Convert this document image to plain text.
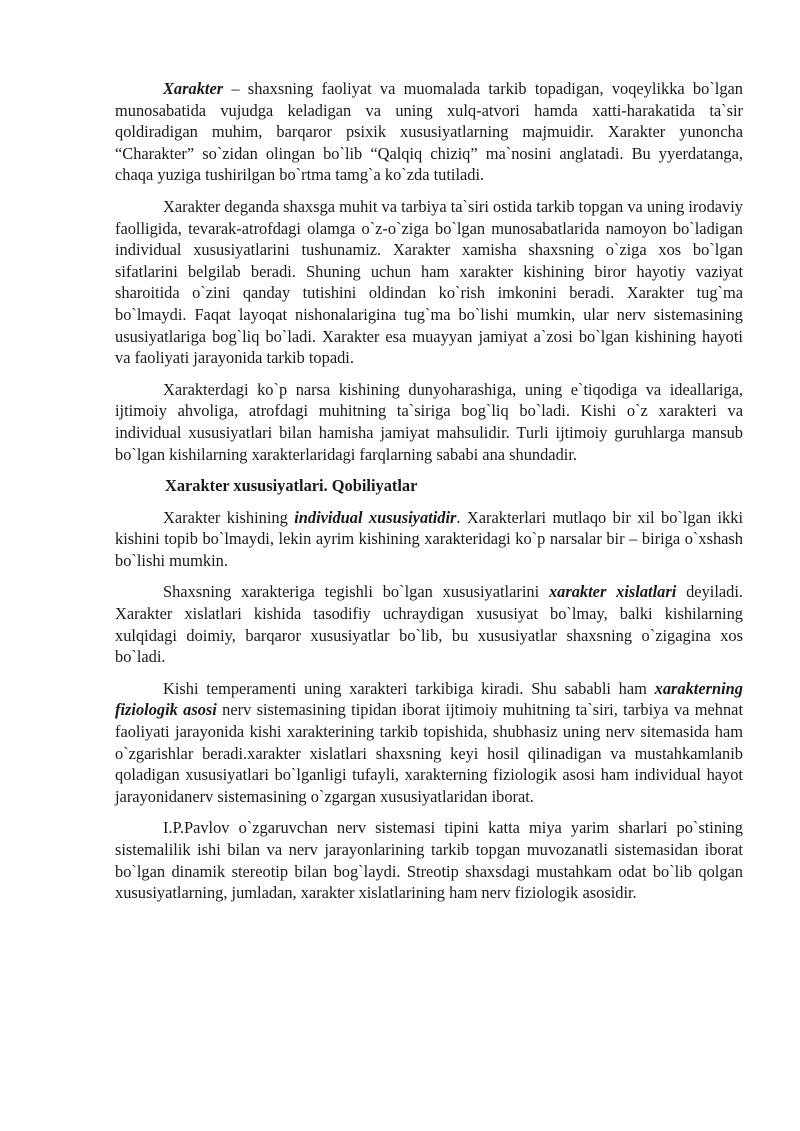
Xarakter – shaxsning faoliyat va muomalada tarkib topadigan, voqeylikka bo`lgan munosabatida vujudga keladigan va uning xulq-atvori hamda xatti-harakatida ta`sir qoldiradigan muhim, barqaror psixik xususiyatlarning majmuidir. Xarakter yunoncha “Charakter” so`zidan olingan bo`lib “Qalqiq chiziq” ma`nosini anglatadi. Bu yyerdatanga, chaqa yuziga tushirilgan bo`rtma tamg`a ko`zda tutiladi.

Xarakter deganda shaxsga muhit va tarbiya ta`siri ostida tarkib topgan va uning irodaviy faolligida, tevarak-atrofdagi olamga o`z-o`ziga bo`lgan munosabatlarida namoyon bo`ladigan individual xususiyatlarini tushunamiz. Xarakter xamisha shaxsning o`ziga xos bo`lgan sifatlarini belgilab beradi. Shuning uchun ham xarakter kishining biror hayotiy vaziyat sharoitida o`zini qanday tutishini oldindan ko`rish imkonini beradi. Xarakter tug`ma bo`lmaydi. Faqat layoqat nishonalarigina tug`ma bo`lishi mumkin, ular nerv sistemasining ususiyatlariga bog`liq bo`ladi. Xarakter esa muayyan jamiyat a`zosi bo`lgan kishining hayoti va faoliyati jarayonida tarkib topadi.

Xarakterdagi ko`p narsa kishining dunyoharashiga, uning e`tiqodiga va ideallariga, ijtimoiy ahvoliga, atrofdagi muhitning ta`siriga bog`liq bo`ladi. Kishi o`z xarakteri va individual xususiyatlari bilan hamisha jamiyat mahsulidir. Turli ijtimoiy guruhlarga mansub bo`lgan kishilarning xarakterlaridagi farqlarning sababi ana shundadir.

Xarakter xususiyatlari. Qobiliyatlar

Xarakter kishining individual xususiyatidir. Xarakterlari mutlaqo bir xil bo`lgan ikki kishini topib bo`lmaydi, lekin ayrim kishining xarakteridagi ko`p narsalar bir – biriga o`xshash bo`lishi mumkin.

Shaxsning xarakteriga tegishli bo`lgan xususiyatlarini xarakter xislatlari deyiladi. Xarakter xislatlari kishida tasodifiy uchraydigan xususiyat bo`lmay, balki kishilarning xulqidagi doimiy, barqaror xususiyatlar bo`lib, bu xususiyatlar shaxsning o`zigagina xos bo`ladi.

Kishi temperamenti uning xarakteri tarkibiga kiradi. Shu sababli ham xarakterning fiziologik asosi nerv sistemasining tipidan iborat ijtimoiy muhitning ta`siri, tarbiya va mehnat faoliyati jarayonida kishi xarakterining tarkib topishida, shubhasiz uning nerv sitemasida ham o`zgarishlar beradi.xarakter xislatlari shaxsning keyi hosil qilinadigan va mustahkamlanib qoladigan xususiyatlari bo`lganligi tufayli, xarakterning fiziologik asosi ham individual hayot jarayonidanerv sistemasining o`zgargan xususiyatlaridan iborat.

I.P.Pavlov o`zgaruvchan nerv sistemasi tipini katta miya yarim sharlari po`stining sistemalilik ishi bilan va nerv jarayonlarining tarkib topgan muvozanatli sistemasidan iborat bo`lgan dinamik stereotip bilan bog`laydi. Streotip shaxsdagi mustahkam odat bo`lib qolgan xususiyatlarning, jumladan, xarakter xislatlarining ham nerv fiziologik asosidir.
